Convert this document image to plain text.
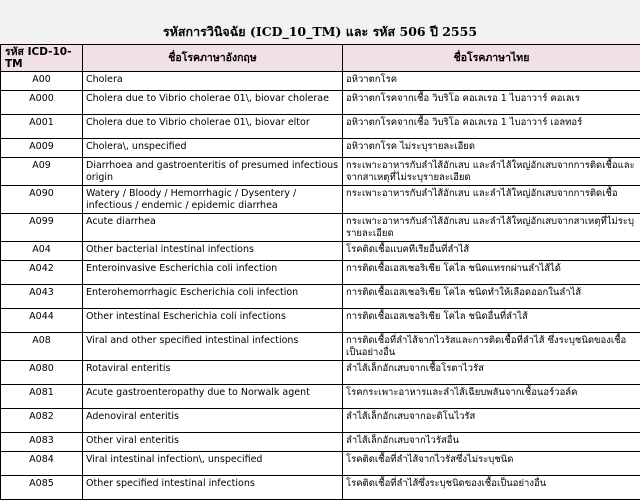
รหัสการวินิจฉัย (ICD_10_TM) และ รหัส 506 ปี 2555
รหัส ICD-10-TM	ชื่อโรคภาษาอังกฤษ	ชื่อโรคภาษาไทย
A00	Cholera	อหิวาตกโรค
A000	Cholera due to Vibrio cholerae 01\, biovar cholerae	อหิวาตกโรคจากเชื้อ วิบริโอ คอเลเรอ 1 ไบอาวาร์ คอเลเร
A001	Cholera due to Vibrio cholerae 01\, biovar eltor	อหิวาตกโรคจากเชื้อ วิบริโอ คอเลเรอ 1 ไบอาวาร์ เอลทอร์
A009	Cholera\, unspecified	อหิวาตกโรค ไม่ระบุรายละเอียด
A09	Diarrhoea and gastroenteritis of presumed infectious origin	กระเพาะอาหารกับลำไส้อักเสบ และลำไส้ใหญ่อักเสบจากการติดเชื้อและจากสาเหตุที่ไม่ระบุรายละเอียด
A090	Watery / Bloody / Hemorrhagic / Dysentery / infectious / endemic / epidemic diarrhea	กระเพาะอาหารกับลำไส้อักเสบ และลำไส้ใหญ่อักเสบจากการติดเชื้อ
A099	Acute diarrhea	กระเพาะอาหารกับลำไส้อักเสบ และลำไส้ใหญ่อักเสบจากสาเหตุที่ไม่ระบุรายละเอียด
A04	Other bacterial intestinal infections	โรคติดเชื้อแบคทีเรียอื่นที่ลำไส้
A042	Enteroinvasive Escherichia coli infection	การติดเชื้อเอสเชอริเชีย โคไล ชนิดแทรกผ่านลำไส้ได้
A043	Enterohemorrhagic Escherichia coli infection	การติดเชื้อเอสเชอริเชีย โคไล ชนิดทำให้เลือดออกในลำไส้
A044	Other intestinal Escherichia coli infections	การติดเชื้อเอสเชอริเชีย โคไล ชนิดอื่นที่ลำไส้
A08	Viral and other specified intestinal infections	การติดเชื้อที่ลำไส้จากไวรัสและการติดเชื้อที่ลำไส้ ซึ่งระบุชนิดของเชื้อเป็นอย่างอื่น
A080	Rotaviral enteritis	ลำไส้เล็กอักเสบจากเชื้อโรตาไวรัส
A081	Acute gastroenteropathy due to Norwalk agent	โรคกระเพาะอาหารและลำไส้เฉียบพลันจากเชื้อนอร์วอล์ค
A082	Adenoviral enteritis	ลำไส้เล็กอักเสบจากอะดิโนไวรัส
A083	Other viral enteritis	ลำไส้เล็กอักเสบจากไวรัสอื่น
A084	Viral intestinal infection\, unspecified	โรคติดเชื้อที่ลำไส้จากไวรัสซึ่งไม่ระบุชนิด
A085	Other specified intestinal infections	โรคติดเชื้อที่ลำไส้ซึ่งระบุชนิดของเชื้อเป็นอย่างอื่น
